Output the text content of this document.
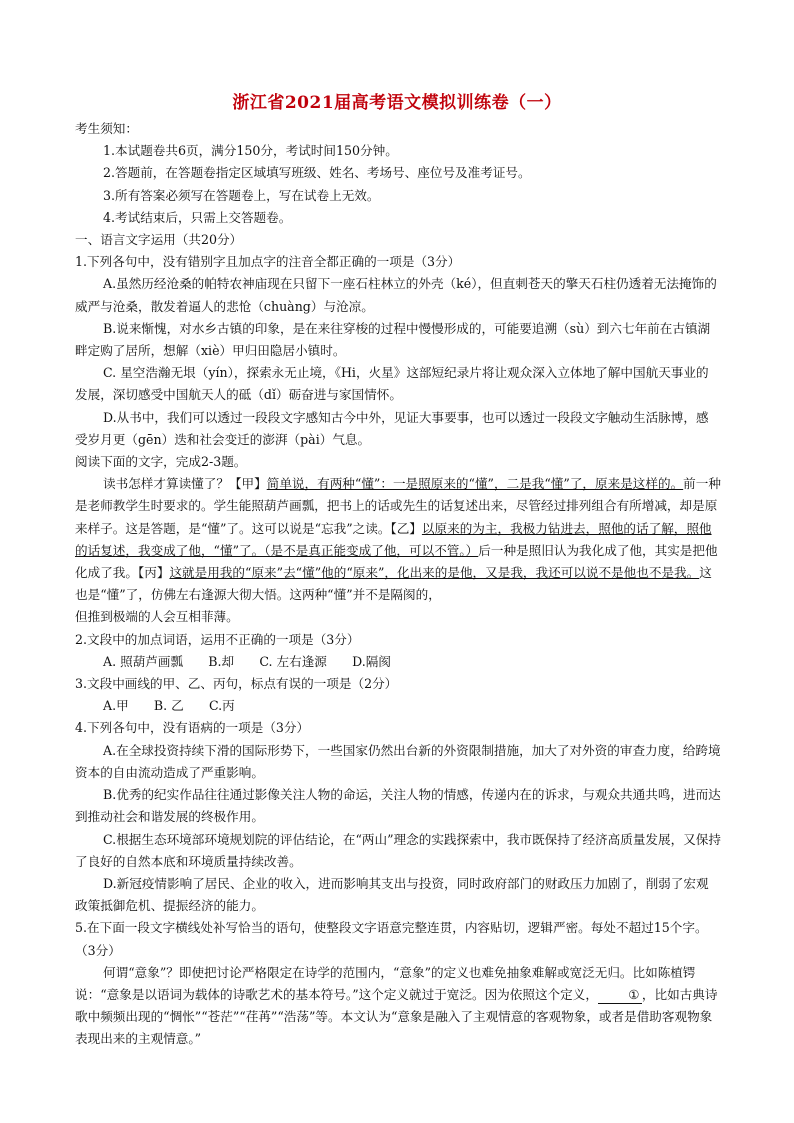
浙江省2021届高考语文模拟训练卷（一）

考生须知：

1.本试题卷共6页，满分150分，考试时间150分钟。

2.答题前，在答题卷指定区域填写班级、姓名、考场号、座位号及准考证号。

3.所有答案必须写在答题卷上，写在试卷上无效。

4.考试结束后，只需上交答题卷。

一、语言文字运用（共20分）

1.下列各句中，没有错别字且加点字的注音全都正确的一项是（3分）

A.虽然历经沧桑的帕特农神庙现在只留下一座石柱林立的外壳（ké），但直刺苍天的擎天石柱仍透着无法掩饰的威严与沧桑，散发着逼人的悲怆（chuàng）与沧凉。

B.说来惭愧，对水乡古镇的印象，是在来往穿梭的过程中慢慢形成的，可能要追溯（sù）到六七年前在古镇湖畔定购了居所，想解（xiè）甲归田隐居小镇时。

C. 星空浩瀚无垠（yín），探索永无止境，《Hi，火星》这部短纪录片将让观众深入立体地了解中国航天事业的发展，深切感受中国航天人的砥（dǐ）砺奋进与家国情怀。

D.从书中，我们可以透过一段段文字感知古今中外，见证大事要事，也可以透过一段段文字触动生活脉博，感受岁月更（gēn）迭和社会变迁的澎湃（pài）气息。

阅读下面的文字，完成2-3题。

读书怎样才算读懂了？【甲】简单说，有两种“懂”：一是照原来的“懂”，二是我“懂”了，原来是这样的。前一种是老师教学生时要求的。学生能照葫芦画瓢，把书上的话或先生的话复述出来，尽管经过排列组合有所增减，却是原来样子。这是答题，是“懂”了。这可以说是“忘我”之读。【乙】以原来的为主，我极力钻进去，照他的话了解，照他的话复述，我变成了他，“懂”了。（是不是真正能变成了他，可以不管。）后一种是照旧认为我化成了他，其实是把他化成了我。【丙】这就是用我的“原来”去“懂”他的“原来”，化出来的是他，又是我，我还可以说不是他也不是我。这也是“懂”了，仿佛左右逢源大彻大悟。这两种“懂”并不是隔阂的，

但推到极端的人会互相菲薄。

2.文段中的加点词语，运用不正确的一项是（3分）

A. 照葫芦画瓢   B.却   C. 左右逢源   D.隔阂

3.文段中画线的甲、乙、丙句，标点有误的一项是（2分）

A.甲   B. 乙   C.丙

4.下列各句中，没有语病的一项是（3分）

A.在全球投资持续下滑的国际形势下，一些国家仍然出台新的外资限制措施，加大了对外资的审查力度，给跨境资本的自由流动造成了严重影响。

B.优秀的纪实作品往往通过影像关注人物的命运，关注人物的情感，传递内在的诉求，与观众共通共鸣，进而达到推动社会和谐发展的终极作用。

C.根据生态环境部环境规划院的评估结论，在“两山”理念的实践探索中，我市既保持了经济高质量发展，又保持了良好的自然本底和环境质量持续改善。

D.新冠疫情影响了居民、企业的收入，进而影响其支出与投资，同时政府部门的财政压力加剧了，削弱了宏观政策抵御危机、提振经济的能力。

5.在下面一段文字横线处补写恰当的语句，使整段文字语意完整连贯，内容贴切，逻辑严密。每处不超过15个字。（3分）

何谓“意象”？即使把讨论严格限定在诗学的范围内，“意象”的定义也难免抽象难解或宽泛无归。比如陈植锷说：“意象是以语词为载体的诗歌艺术的基本符号。”这个定义就过于宽泛。因为依照这个定义， ① ，比如古典诗歌中频频出现的“惆怅”“苍茫”“荏苒”“浩荡”等。本文认为“意象是融入了主观情意的客观物象，或者是借助客观物象表现出来的主观情意。”
